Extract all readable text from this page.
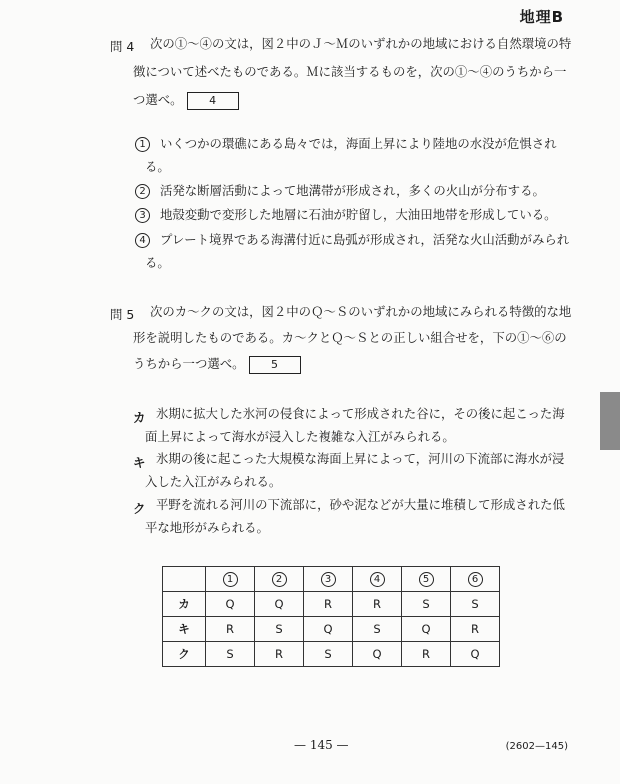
地理B
問 4 次の①〜④の文は，図２中のＪ〜Ｍのいずれかの地域における自然環境の特
徴について述べたものである。Ｍに該当するものを，次の①〜④のうちから一
つ選べ。 4
1	いくつかの環礁にある島々では，海面上昇により陸地の水没が危惧され
る。
2	活発な断層活動によって地溝帯が形成され，多くの火山が分布する。
3	地殻変動で変形した地層に石油が貯留し，大油田地帯を形成している。
4	プレート境界である海溝付近に島弧が形成され，活発な火山活動がみられ
る。
問 5 次のカ〜クの文は，図２中のＱ〜Ｓのいずれかの地域にみられる特徴的な地
形を説明したものである。カ〜クとＱ〜Ｓとの正しい組合せを，下の①〜⑥の
うちから一つ選べ。 5
カ 氷期に拡大した氷河の侵食によって形成された谷に，その後に起こった海
面上昇によって海水が浸入した複雑な入江がみられる。
キ 氷期の後に起こった大規模な海面上昇によって，河川の下流部に海水が浸
入した入江がみられる。
ク 平野を流れる河川の下流部に，砂や泥などが大量に堆積して形成された低
平な地形がみられる。
	1	2	3	4	5	6
カ	Q	Q	R	R	S	S
キ	R	S	Q	S	Q	R
ク	S	R	S	Q	R	Q
— 145 —	(2602—145)
